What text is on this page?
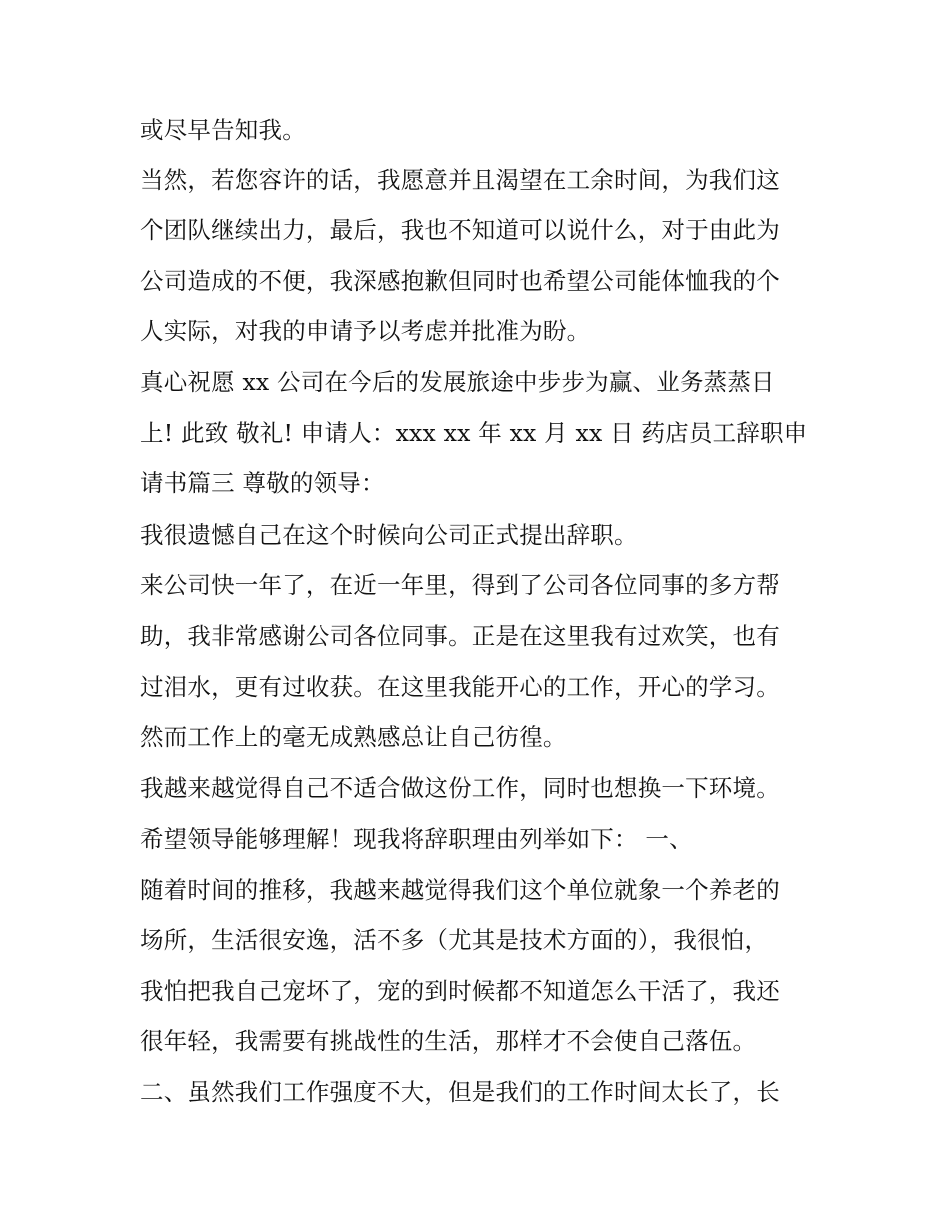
或尽早告知我。
当然，若您容许的话，我愿意并且渴望在工余时间，为我们这
个团队继续出力，最后，我也不知道可以说什么，对于由此为
公司造成的不便，我深感抱歉但同时也希望公司能体恤我的个
人实际，对我的申请予以考虑并批准为盼。
真心祝愿 xx 公司在今后的发展旅途中步步为赢、业务蒸蒸日
上! 此致 敬礼! 申请人：xxx xx 年 xx 月 xx 日 药店员工辞职申
请书篇三 尊敬的领导：
我很遗憾自己在这个时候向公司正式提出辞职。
来公司快一年了，在近一年里，得到了公司各位同事的多方帮
助，我非常感谢公司各位同事。正是在这里我有过欢笑，也有
过泪水，更有过收获。在这里我能开心的工作，开心的学习。
然而工作上的毫无成熟感总让自己彷徨。
我越来越觉得自己不适合做这份工作，同时也想换一下环境。
希望领导能够理解！现我将辞职理由列举如下： 一、
随着时间的推移，我越来越觉得我们这个单位就象一个养老的
场所，生活很安逸，活不多（尤其是技术方面的），我很怕，
我怕把我自己宠坏了，宠的到时候都不知道怎么干活了，我还
很年轻，我需要有挑战性的生活，那样才不会使自己落伍。
二、虽然我们工作强度不大，但是我们的工作时间太长了，长
